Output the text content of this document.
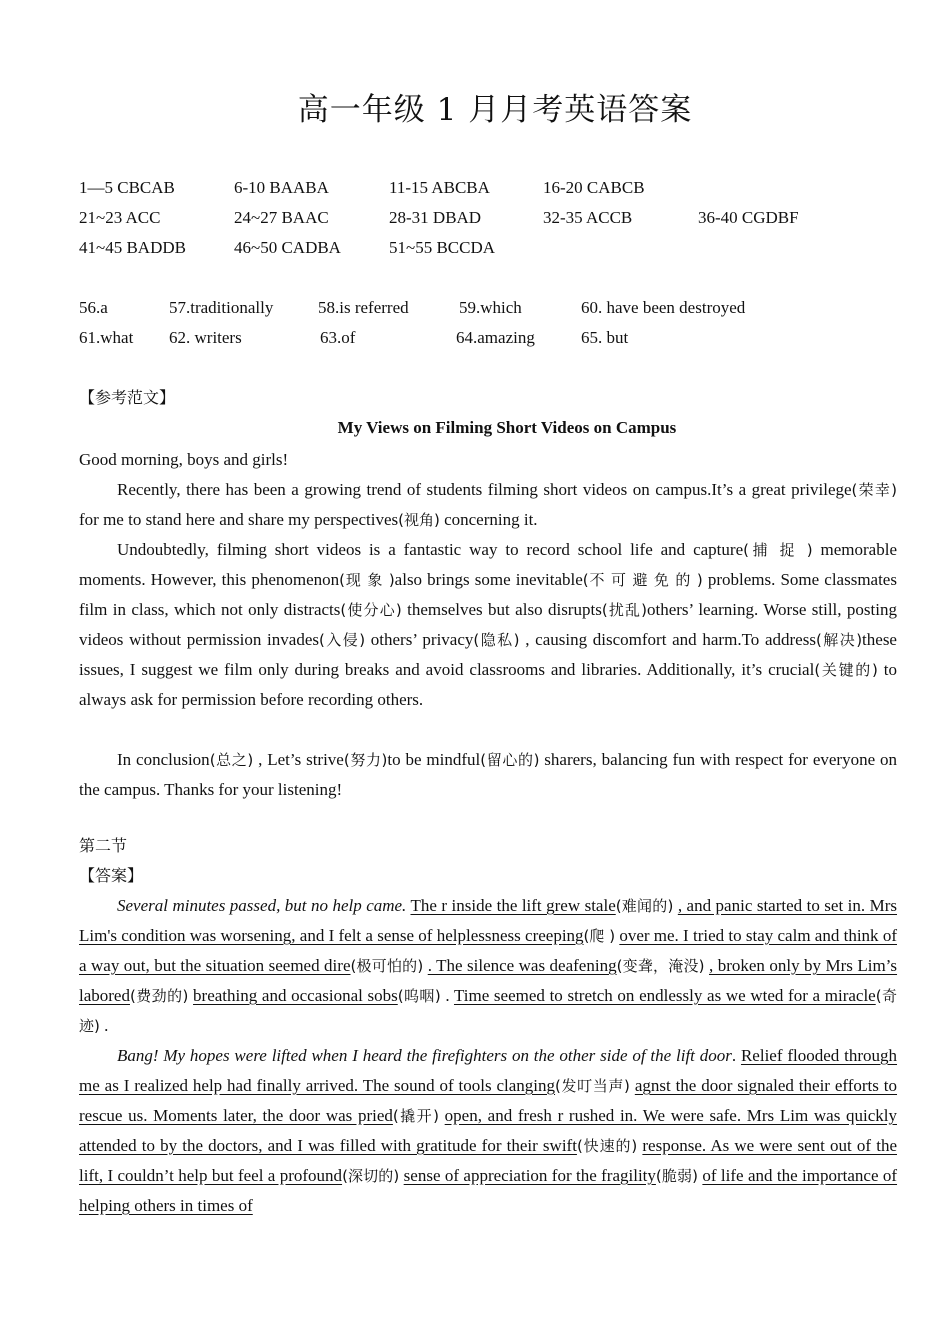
高一年级 1 月月考英语答案
1—5 CBCAB	6-10 BAABA	11-15 ABCBA	16-20 CABCB
21~23 ACC	24~27 BAAC	28-31 DBAD	32-35 ACCB	36-40 CGDBF
41~45 BADDB	46~50 CADBA	51~55 BCCDA
56.a	57.traditionally	58.is referred	59.which	60. have been destroyed
61.what 62. writers	63.of	64.amazing	65. but
【参考范文】
My Views on Filming Short Videos on Campus
Good morning, boys and girls!
Recently, there has been a growing trend of students filming short videos on campus.It’s a great privilege(荣幸) for me to stand here and share my perspectives(视角) concerning it.
Undoubtedly, filming short videos is a fantastic way to record school life and capture(捕 捉 ) memorable moments. However, this phenomenon(现 象 )also brings some inevitable(不 可 避 免 的 ) problems. Some classmates film in class, which not only distracts(使分心) themselves but also disrupts(扰乱)others’ learning. Worse still, posting videos without permission invades(入侵) others’ privacy(隐私) , causing discomfort and harm.To address(解决)these issues, I suggest we film only during breaks and avoid classrooms and libraries. Additionally, it’s crucial(关键的) to always ask for permission before recording others.
In conclusion(总之) , Let’s strive(努力)to be mindful(留心的) sharers, balancing fun with respect for everyone on the campus. Thanks for your listening!
第二节
【答案】
Several minutes passed, but no help came. The r inside the lift grew stale(难闻的) , and panic started to set in. Mrs Lim's condition was worsening, and I felt a sense of helplessness creeping(爬 ) over me. I tried to stay calm and think of a way out, but the situation seemed dire(极可怕的) . The silence was deafening(变聋，淹没) , broken only by Mrs Lim’s labored(费劲的) breathing and occasional sobs(呜咽) . Time seemed to stretch on endlessly as we wted for a miracle(奇迹) .
Bang! My hopes were lifted when I heard the firefighters on the other side of the lift door. Relief flooded through me as I realized help had finally arrived. The sound of tools clanging(发叮当声) agnst the door signaled their efforts to rescue us. Moments later, the door was pried(撬开) open, and fresh r rushed in. We were safe. Mrs Lim was quickly attended to by the doctors, and I was filled with gratitude for their swift(快速的) response. As we were sent out of the lift, I couldn’t help but feel a profound(深切的) sense of appreciation for the fragility(脆弱) of life and the importance of helping others in times of
